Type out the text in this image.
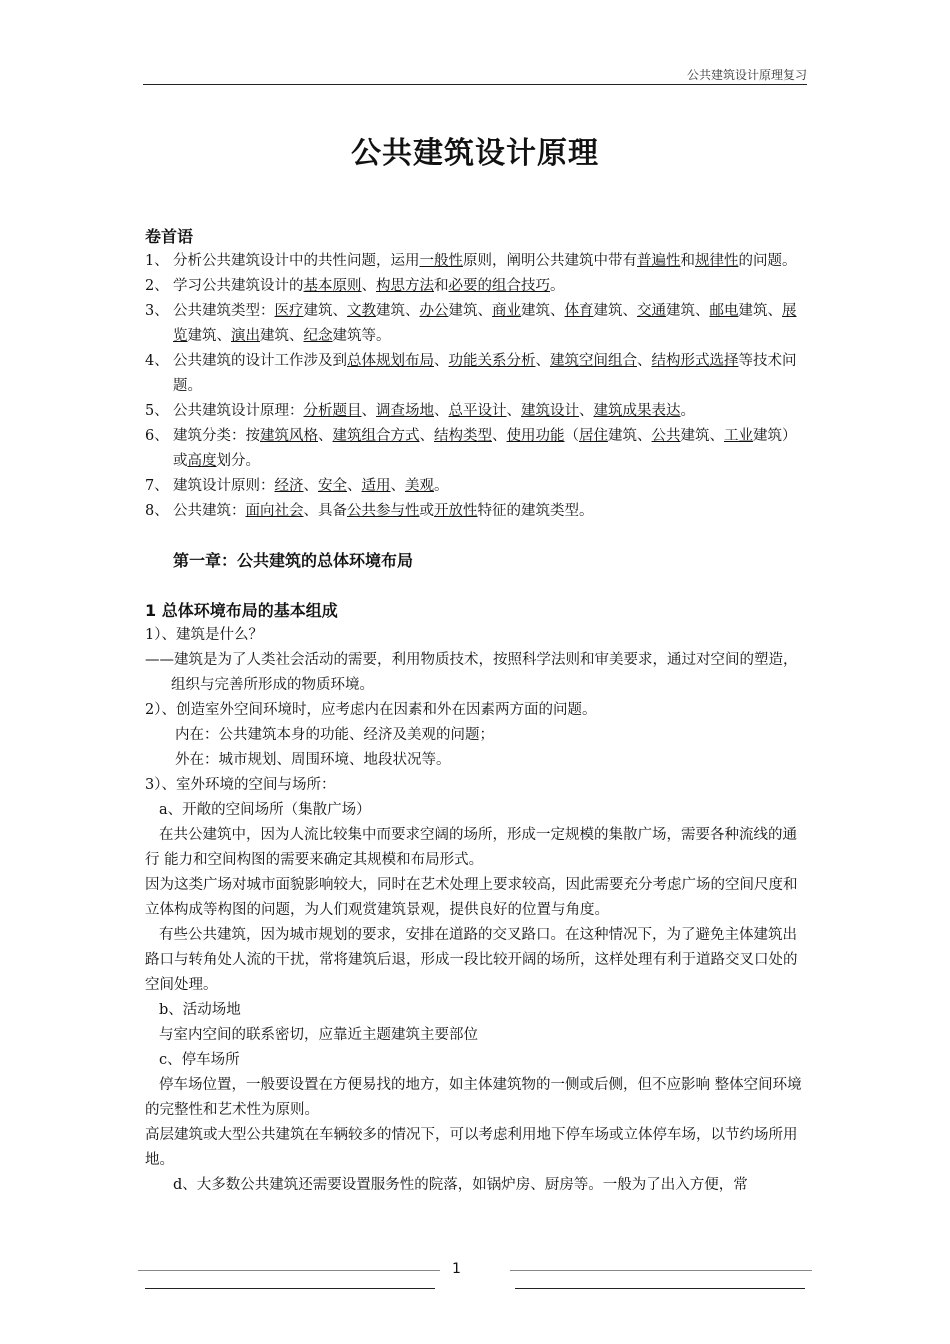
公共建筑设计原理复习
公共建筑设计原理
卷首语
1、 分析公共建筑设计中的共性问题，运用一般性原则，阐明公共建筑中带有普遍性和规律性的问题。
2、 学习公共建筑设计的基本原则、构思方法和必要的组合技巧。
3、 公共建筑类型：医疗建筑、文教建筑、办公建筑、商业建筑、体育建筑、交通建筑、邮电建筑、展览建筑、演出建筑、纪念建筑等。
4、 公共建筑的设计工作涉及到总体规划布局、功能关系分析、建筑空间组合、结构形式选择等技术问题。
5、 公共建筑设计原理：分析题目、调查场地、总平设计、建筑设计、建筑成果表达。
6、 建筑分类：按建筑风格、建筑组合方式、结构类型、使用功能（居住建筑、公共建筑、工业建筑）或高度划分。
7、 建筑设计原则：经济、安全、适用、美观。
8、 公共建筑：面向社会、具备公共参与性或开放性特征的建筑类型。
第一章：公共建筑的总体环境布局
1 总体环境布局的基本组成

1）、建筑是什么？

——建筑是为了人类社会活动的需要，利用物质技术，按照科学法则和审美要求，通过对空间的塑造，组织与完善所形成的物质环境。

2）、创造室外空间环境时，应考虑内在因素和外在因素两方面的问题。

内在：公共建筑本身的功能、经济及美观的问题；

外在：城市规划、周围环境、地段状况等。

3）、室外环境的空间与场所：

a、开敞的空间场所（集散广场）

在共公建筑中，因为人流比较集中而要求空阔的场所，形成一定规模的集散广场，需要各种流线的通行 能力和空间构图的需要来确定其规模和布局形式。

因为这类广场对城市面貌影响较大，同时在艺术处理上要求较高，因此需要充分考虑广场的空间尺度和立体构成等构图的问题，为人们观赏建筑景观，提供良好的位置与角度。

有些公共建筑，因为城市规划的要求，安排在道路的交叉路口。在这种情况下，为了避免主体建筑出路口与转角处人流的干扰，常将建筑后退，形成一段比较开阔的场所，这样处理有利于道路交叉口处的空间处理。

b、活动场地

与室内空间的联系密切，应靠近主题建筑主要部位

c、停车场所

停车场位置，一般要设置在方便易找的地方，如主体建筑物的一侧或后侧，但不应影响 整体空间环境的完整性和艺术性为原则。

高层建筑或大型公共建筑在车辆较多的情况下，可以考虑利用地下停车场或立体停车场，以节约场所用地。

d、大多数公共建筑还需要设置服务性的院落，如锅炉房、厨房等。一般为了出入方便，常

1
